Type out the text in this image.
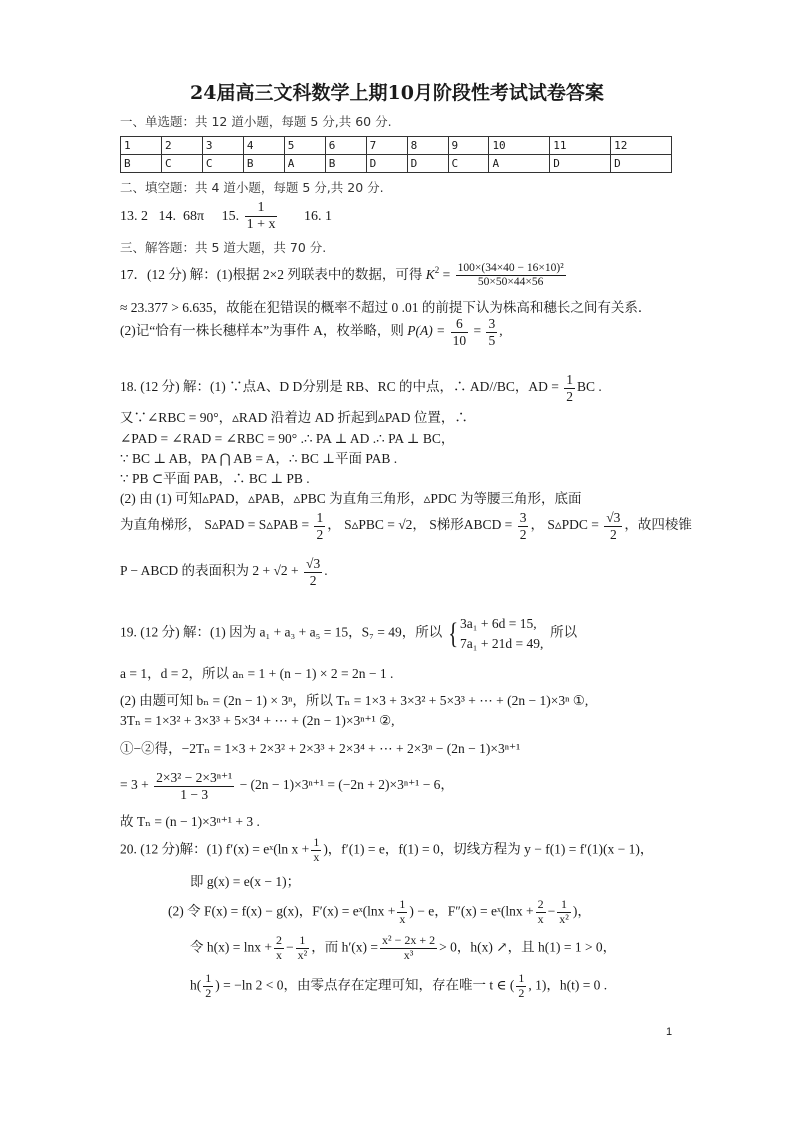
24届高三文科数学上期10月阶段性考试试卷答案
一、单选题：共 12 道小题，每题 5 分,共 60 分.
1	2	3	4	5	6	7	8	9	10	11	12
B	C	C	B	A	B	D	D	C	A	D	D
二、填空题：共 4 道小题，每题 5 分,共 20 分.
13. 2 14. 68π 15. $\frac{1}{1 + x} 16$. 1
三、解答题：共 5 道大题，共 70 分.
17．(12 分) 解：(1)根据 2×2 列联表中的数据，可得 $K^2 = \frac{\text{100×(34×40 − 16×10)²}}{50\times 50\times 44\times 56}$
≈ 23.377 > 6.635，故能在犯错误的概率不超过 0 .01 的前提下认为株高和穗长之间有关系．
(2)记“恰有一株长穗样本”为事件 A，枚举略，则 $P(A) = \frac{6}{10} = \frac{3}{5}$ ,
18. (12 分) 解：(1) ∵点A、D D分别是 RB、RC 的中点，∴ AD//BC，AD = $\frac{1}{2}$ BC .
又∵∠RBC = 90°，▵RAD 沿着边 AD 折起到▵PAD 位置，∴
∠PAD = ∠RAD = ∠RBC = 90° .∴ PA ⊥ AD .∴ PA ⊥ BC，
∵ BC ⊥ AB，PA ⋂ AB = A，∴ BC ⊥平面 PAB .
∵ PB ⊂平面 PAB，∴ BC ⊥ PB .
(2) 由 (1) 可知▵PAD，▵PAB，▵PBC 为直角三角形，▵PDC 为等腰三角形，底面
为直角梯形， S▵PAD = S▵PAB = $\frac{1}{2}$ ， S▵PBC = √2， S梯形ABCD = $\frac{3}{2}$ ， S▵PDC = $\frac{√3}{2}$ ，故四棱锥
P − ABCD 的表面积为 $2 + √2 + \frac{√3}{2}$ .
19. (12 分) 解：(1) 因为 a₁ + a₃ + a₅ = 15，S₇ = 49，所以 { 3a₁ + 6d = 15,
7a₁ + 21d = 49,
所以
a = 1，d = 2，所以 aₙ = 1 + (n − 1) × 2 = 2n − 1 .
(2) 由题可知 bₙ = (2n − 1) × 3ⁿ，所以 Tₙ = 1×3 + 3×3² + 5×3³ + ⋯ + (2n − 1)×3ⁿ ①,
3Tₙ = 1×3² + 3×3³ + 5×3⁴ + ⋯ + (2n − 1)×3ⁿ⁺¹ ②,
①−②得，−2Tₙ = 1×3 + 2×3² + 2×3³ + 2×3⁴ + ⋯ + 2×3ⁿ − (2n − 1)×3ⁿ⁺¹
= $3 + \frac{\text{2×3² − 2×3ⁿ⁺¹}}{1 - 3} - (2n - 1)\times 3^{n+1} = (-2n + 2)\times 3^{n+1} - 6$，
故 Tₙ = (n − 1)×3ⁿ⁺¹ + 3 .
20. (12 分)解：(1) f′(x) = eˣ(ln $x + \frac{1}{x}$ )，f′(1) = e，f(1) = 0，切线方程为 y − f(1) = f′(1)(x − 1)，
即 g(x) = e(x − 1)；
(2) 令 F(x) = f(x) − g(x)，F′(x) = eˣ(lnx + $\frac{1}{x}$ ) − e，F″(x) = eˣ(lnx + $\frac{2}{x} - \frac{1}{\text{x²}}$ )，
令 $h(x) = \ln x + \frac{2}{x} - \frac{1}{\text{x²}}$ ，而 $h'(x) = \frac{\text{x² − 2x + 2}}{\text{x³}} > 0$，h(x) ↗，且 h(1) = 1 > 0，
$h( \frac{1}{2}$ ) = −ln 2 < 0，由零点存在定理可知，存在唯一 t ∈ ( $\frac{1}{2}$ , 1)，h(t) = 0 .
1
